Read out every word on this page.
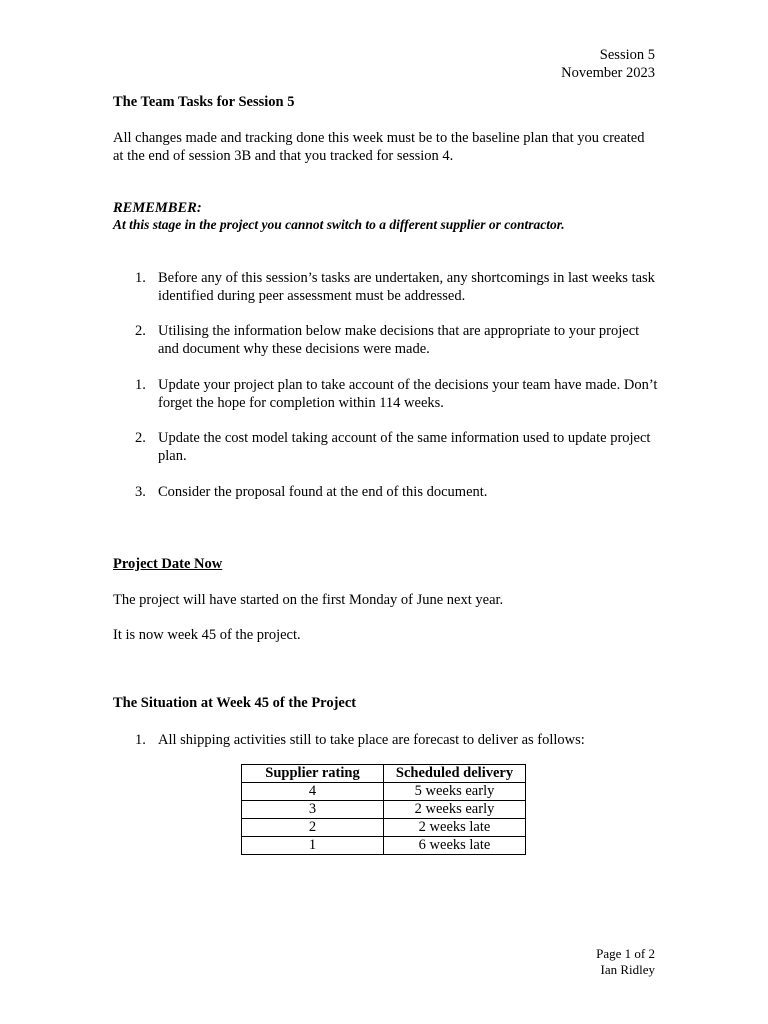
Session 5
November 2023
The Team Tasks for Session 5
All changes made and tracking done this week must be to the baseline plan that you created at the end of session 3B and that you tracked for session 4.
REMEMBER:
At this stage in the project you cannot switch to a different supplier or contractor.
1. Before any of this session’s tasks are undertaken, any shortcomings in last weeks task identified during peer assessment must be addressed.
2. Utilising the information below make decisions that are appropriate to your project and document why these decisions were made.
1. Update your project plan to take account of the decisions your team have made. Don’t forget the hope for completion within 114 weeks.
2. Update the cost model taking account of the same information used to update project plan.
3. Consider the proposal found at the end of this document.
Project Date Now
The project will have started on the first Monday of June next year.
It is now week 45 of the project.
The Situation at Week 45 of the Project
1. All shipping activities still to take place are forecast to deliver as follows:
Supplier rating	Scheduled delivery
4	5 weeks early
3	2 weeks early
2	2 weeks late
1	6 weeks late
Page 1 of 2
Ian Ridley
